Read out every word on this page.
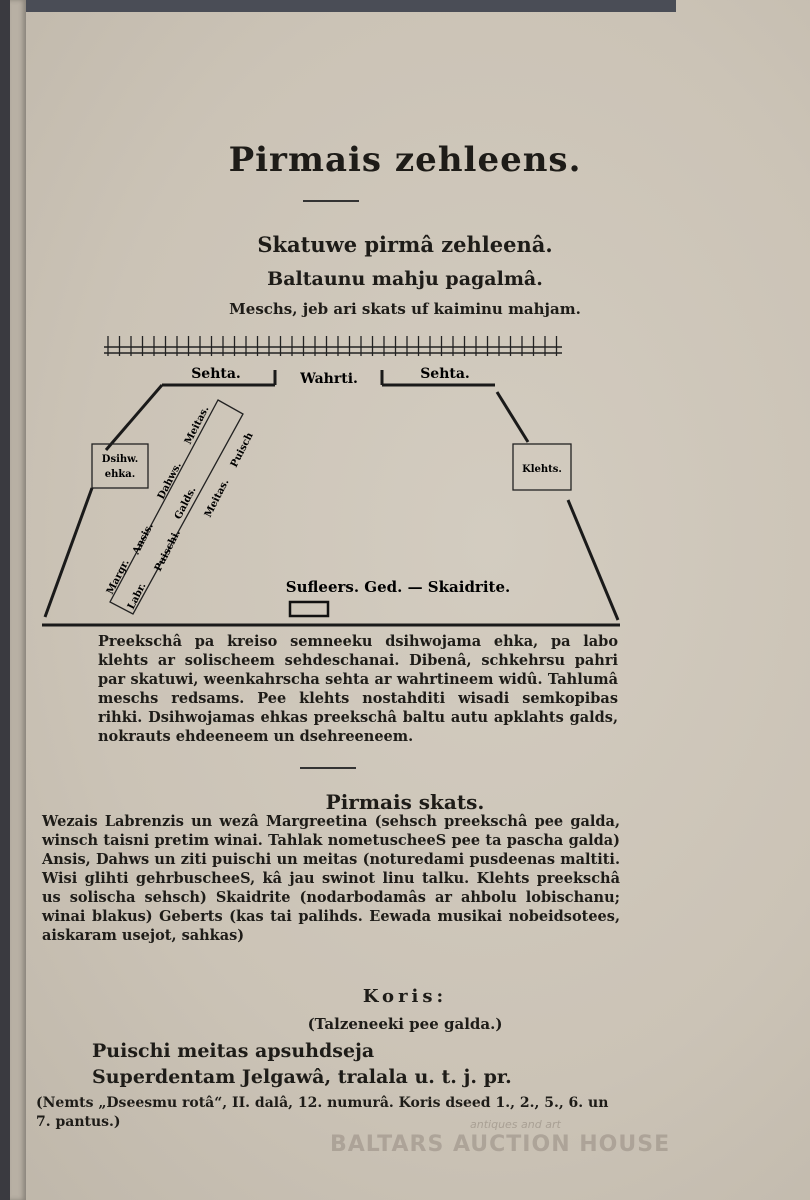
Pirmais zehleens.
Skatuwe pirmâ zehleenâ.
Baltaunu mahju pagalmâ.
Meschs, jeb ari skats uf kaiminu mahjam.
Sehta.	Wahrti.	Sehta.
Dsihw.
ehka.	Klehts.
Meitas.
Dahws.
Puisch
Ansis.
Galds. Meitas.
Margr.
Puischi.
Labr.	Sufleers. Ged. — Skaidrite.
Preekschâ pa kreiso semneeku dsihwojama ehka, pa labo klehts ar solischeem sehdeschanai. Dibenâ, schkehrsu pahri par skatuwi, weenkahrscha sehta ar wahrtineem widû. Tahlumâ meschs redsams. Pee klehts nostahditi wisadi semkopibas rihki. Dsihwojamas ehkas preekschâ baltu autu apklahts galds, nokrauts ehdeeneem un dsehreeneem.
Pirmais skats.
Wezais Labrenzis un wezâ Margreetina (sehsch preekschâ pee galda, winsch taisni pretim winai. Tahlak nometuscheeS pee ta pascha galda) Ansis, Dahws un ziti puischi un meitas (noturedami pusdeenas maltiti. Wisi glihti gehrbuscheeS, kâ jau swinot linu talku. Klehts preekschâ us solischa sehsch) Skaidrite (nodarbodamâs ar ahbolu lobischanu; winai blakus) Geberts (kas tai palihds. Eewada musikai nobeidsotees, aiskaram usejot, sahkas)
Koris:
(Talzeneeki pee galda.)
Puischi meitas apsuhdseja
Superdentam Jelgawâ, tralala u. t. j. pr.
(Nemts „Dseesmu rotâ“, II. dalâ, 12. numurâ. Koris dseed 1., 2., 5., 6. un 7. pantus.)	antiques and art
BALTARS AUCTION HOUSE
